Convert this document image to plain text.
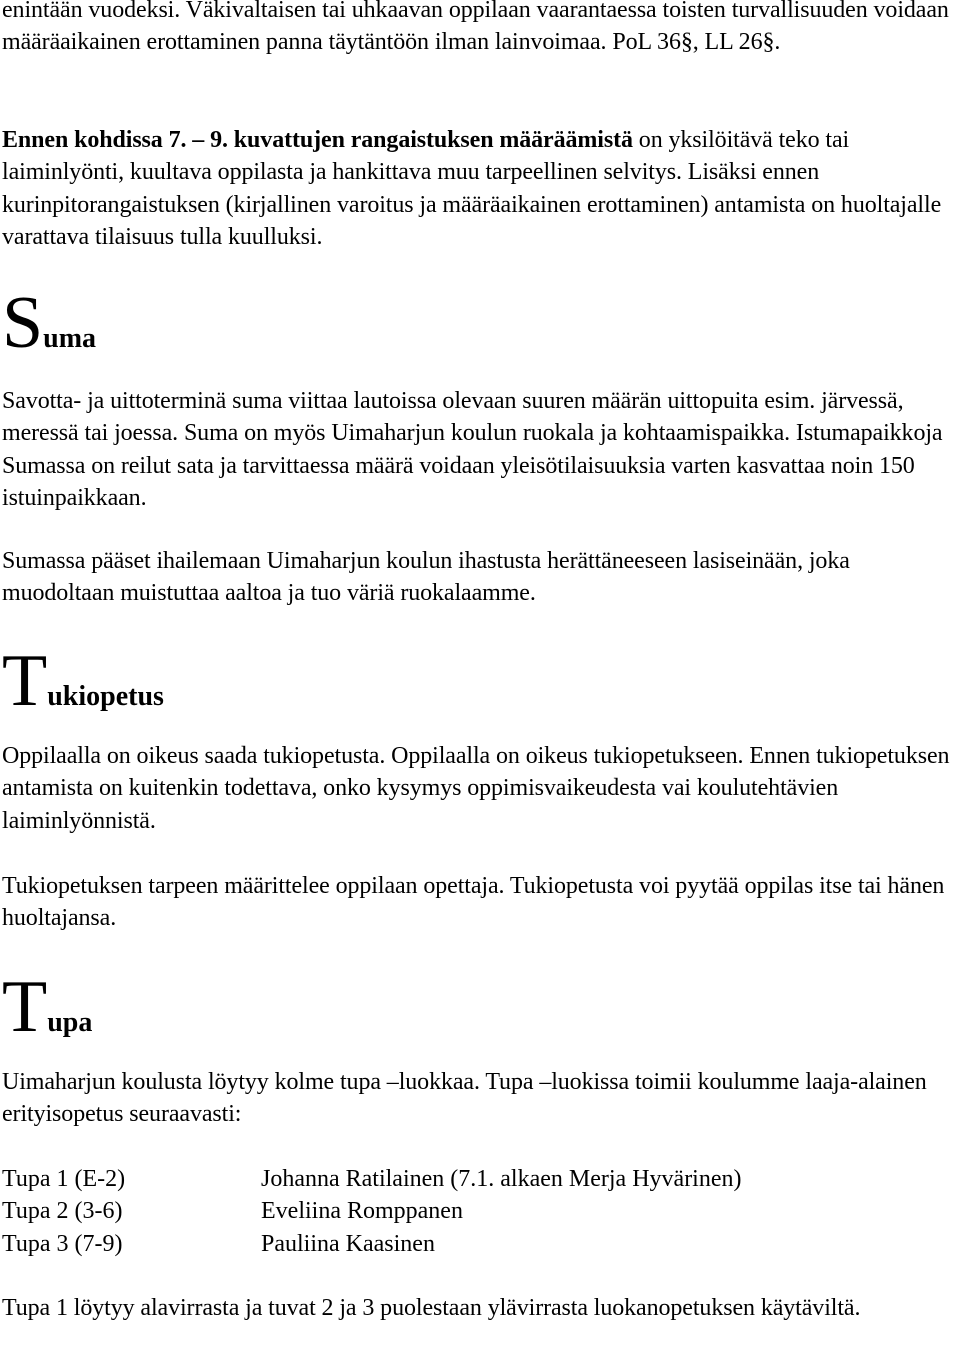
enintään vuodeksi. Väkivaltaisen tai uhkaavan oppilaan vaarantaessa toisten turvallisuuden voidaan määräaikainen erottaminen panna täytäntöön ilman lainvoimaa. PoL 36§, LL 26§.

Ennen kohdissa 7. – 9. kuvattujen rangaistuksen määräämistä on yksilöitävä teko tai laiminlyönti, kuultava oppilasta ja hankittava muu tarpeellinen selvitys. Lisäksi ennen kurinpitorangaistuksen (kirjallinen varoitus ja määräaikainen erottaminen) antamista on huoltajalle varattava tilaisuus tulla kuulluksi.

Suma

Savotta- ja uittoterminä suma viittaa lautoissa olevaan suuren määrän uittopuita esim. järvessä, meressä tai joessa. Suma on myös Uimaharjun koulun ruokala ja kohtaamispaikka. Istumapaikkoja Sumassa on reilut sata ja tarvittaessa määrä voidaan yleisötilaisuuksia varten kasvattaa noin 150 istuinpaikkaan.

Sumassa pääset ihailemaan Uimaharjun koulun ihastusta herättäneeseen lasiseinään, joka muodoltaan muistuttaa aaltoa ja tuo väriä ruokalaamme.

Tukiopetus

Oppilaalla on oikeus saada tukiopetusta. Oppilaalla on oikeus tukiopetukseen. Ennen tukiopetuksen antamista on kuitenkin todettava, onko kysymys oppimisvaikeudesta vai koulutehtävien laiminlyönnistä.

Tukiopetuksen tarpeen määrittelee oppilaan opettaja. Tukiopetusta voi pyytää oppilas itse tai hänen huoltajansa.

Tupa

Uimaharjun koulusta löytyy kolme tupa –luokkaa. Tupa –luokissa toimii koulumme laaja-alainen erityisopetus seuraavasti:

Tupa 1 (E-2)	Johanna Ratilainen (7.1. alkaen Merja Hyvärinen)
Tupa 2 (3-6)	Eveliina Romppanen
Tupa 3 (7-9)	Pauliina Kaasinen

Tupa 1 löytyy alavirrasta ja tuvat 2 ja 3 puolestaan ylävirrasta luokanopetuksen käytäviltä.
